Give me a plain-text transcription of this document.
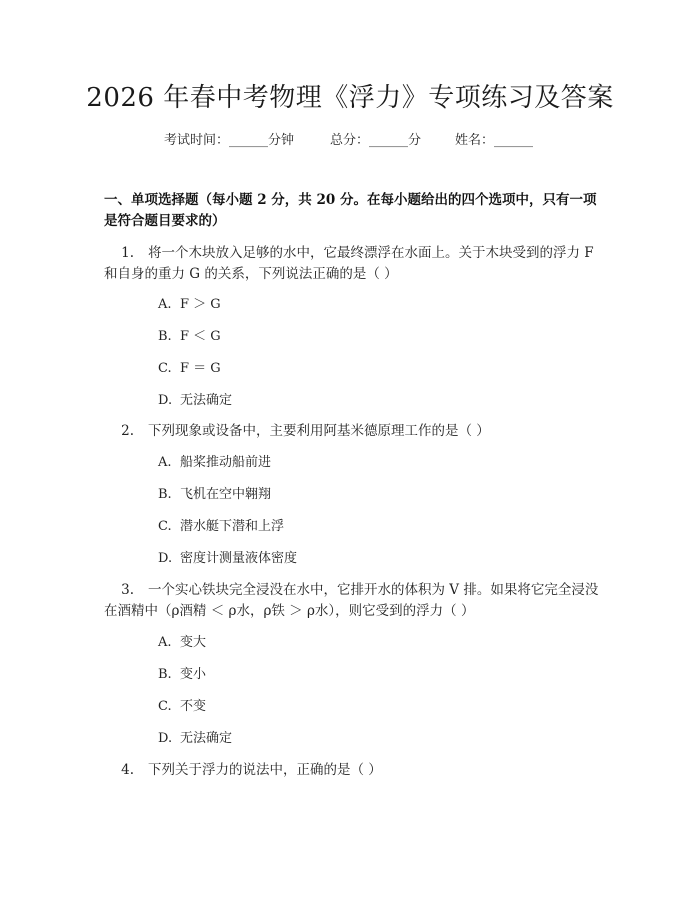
2026 年春中考物理《浮力》专项练习及答案
考试时间：______分钟	总分：______分	姓名：______
一、单项选择题（每小题 2 分，共 20 分。在每小题给出的四个选项中，只有一项是符合题目要求的）
1. 将一个木块放入足够的水中，它最终漂浮在水面上。关于木块受到的浮力 F 和自身的重力 G 的关系，下列说法正确的是（ ）
A. F ＞ G
B. F ＜ G
C. F ＝ G
D. 无法确定
2. 下列现象或设备中，主要利用阿基米德原理工作的是（ ）
A. 船桨推动船前进
B. 飞机在空中翱翔
C. 潜水艇下潜和上浮
D. 密度计测量液体密度
3. 一个实心铁块完全浸没在水中，它排开水的体积为 V 排。如果将它完全浸没在酒精中（ρ酒精 ＜ ρ水，ρ铁 ＞ ρ水），则它受到的浮力（ ）
A. 变大
B. 变小
C. 不变
D. 无法确定
4. 下列关于浮力的说法中，正确的是（ ）
